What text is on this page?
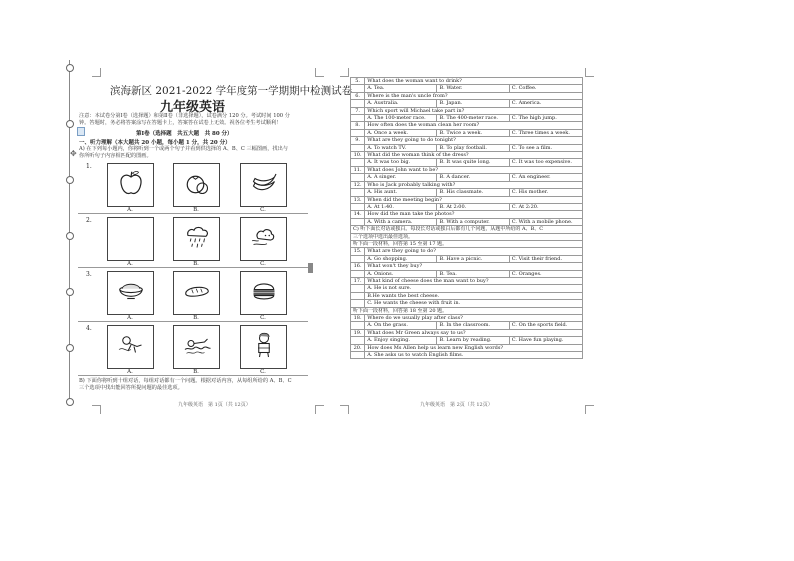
✥
滨海新区 2021-2022 学年度第一学期期中检测试卷
九年级英语
注意：本试卷分第Ⅰ卷（选择题）和第Ⅱ卷（非选择题），试卷满分 120 分。考试时间 100 分
钟。答题时，务必将答案涂写在答题卡上，答案答在试卷上无效。祝各位考生考试顺利！
第Ⅰ卷（选择题　共五大题　共 80 分）
一、听力理解（本大题共 20 小题，每小题 1 分，共 20 分）
A) 在下列每小题内，你将听到一个或两个句子并看到供选择的 A、B、C 三幅图画，找出与
你所听句子内容相匹配的图画。
1.
A.	B.	C.
2.
A.	B.	C.
3.
A.	B.	C.
4.
A.	B.	C.
B) 下面你将听到十组对话，每组对话都有一个问题。根据对话内容，从每组所给的 A、B、C
三个选项中找出能回答所提问题的最佳选项。
九年级英语　第 1页（共 12页）
5.	What does the woman want to drink?		
	A. Tea.	B. Water.	C. Coffee.
6.	Where is the man's uncle from?		
	A. Australia.	B. Japan.	C. America.
7.	Which sport will Michael take part in?		
	A. The 100-meter race.	B. The 400-meter race.	C. The high jump.
8.	How often does the woman clean her room?		
	A. Once a week.	B. Twice a week.	C. Three times a week.
9.	What are they going to do tonight?		
	A. To watch TV.	B. To play football.	C. To see a film.
10.	What did the woman think of the dress?		
	A. It was too big.	B. It was quite long.	C. It was too expensive.
11.	What does John want to be?		
	A. A singer.	B. A dancer.	C. An engineer.
12.	Who is Jack probably talking with?		
	A. His aunt.	B. His classmate.	C. His mother.
13.	When did the meeting begin?		
	A. At 1:40.	B. At 2:00.	C. At 2:20.
14.	How did the man take the photos?		
	A. With a camera.	B. With a computer.	C. With a mobile phone.
C) 听下面长对话或独白。每段长对话或独白后都有几个问题，从题中所给的 A、B、C			
三个选项中选出最佳选项。			
听下面一段材料，回答第 15 至第 17 题。			
15.	What are they going to do?		
	A. Go shopping.	B. Have a picnic.	C. Visit their friend.
16.	What won't they buy?		
	A. Onions.	B. Tea.	C. Oranges.
17.	What kind of cheese does the man want to buy?		
	A. He is not sure.		
	B.He wants the best cheese.		
	C. He wants the cheese with fruit in.		
听下面一段材料，回答第 18 至第 20 题。			
18.	Where do we usually play after class?		
	A. On the grass.	B. In the classroom.	C. On the sports field.
19.	What does Mr Green always say to us?		
	A. Enjoy singing.	B. Learn by reading.	C. Have fun playing.
20.	How does Ms Allen help us learn new English words?		
	A. She asks us to watch English films.		
九年级英语　第 2页（共 12页）
